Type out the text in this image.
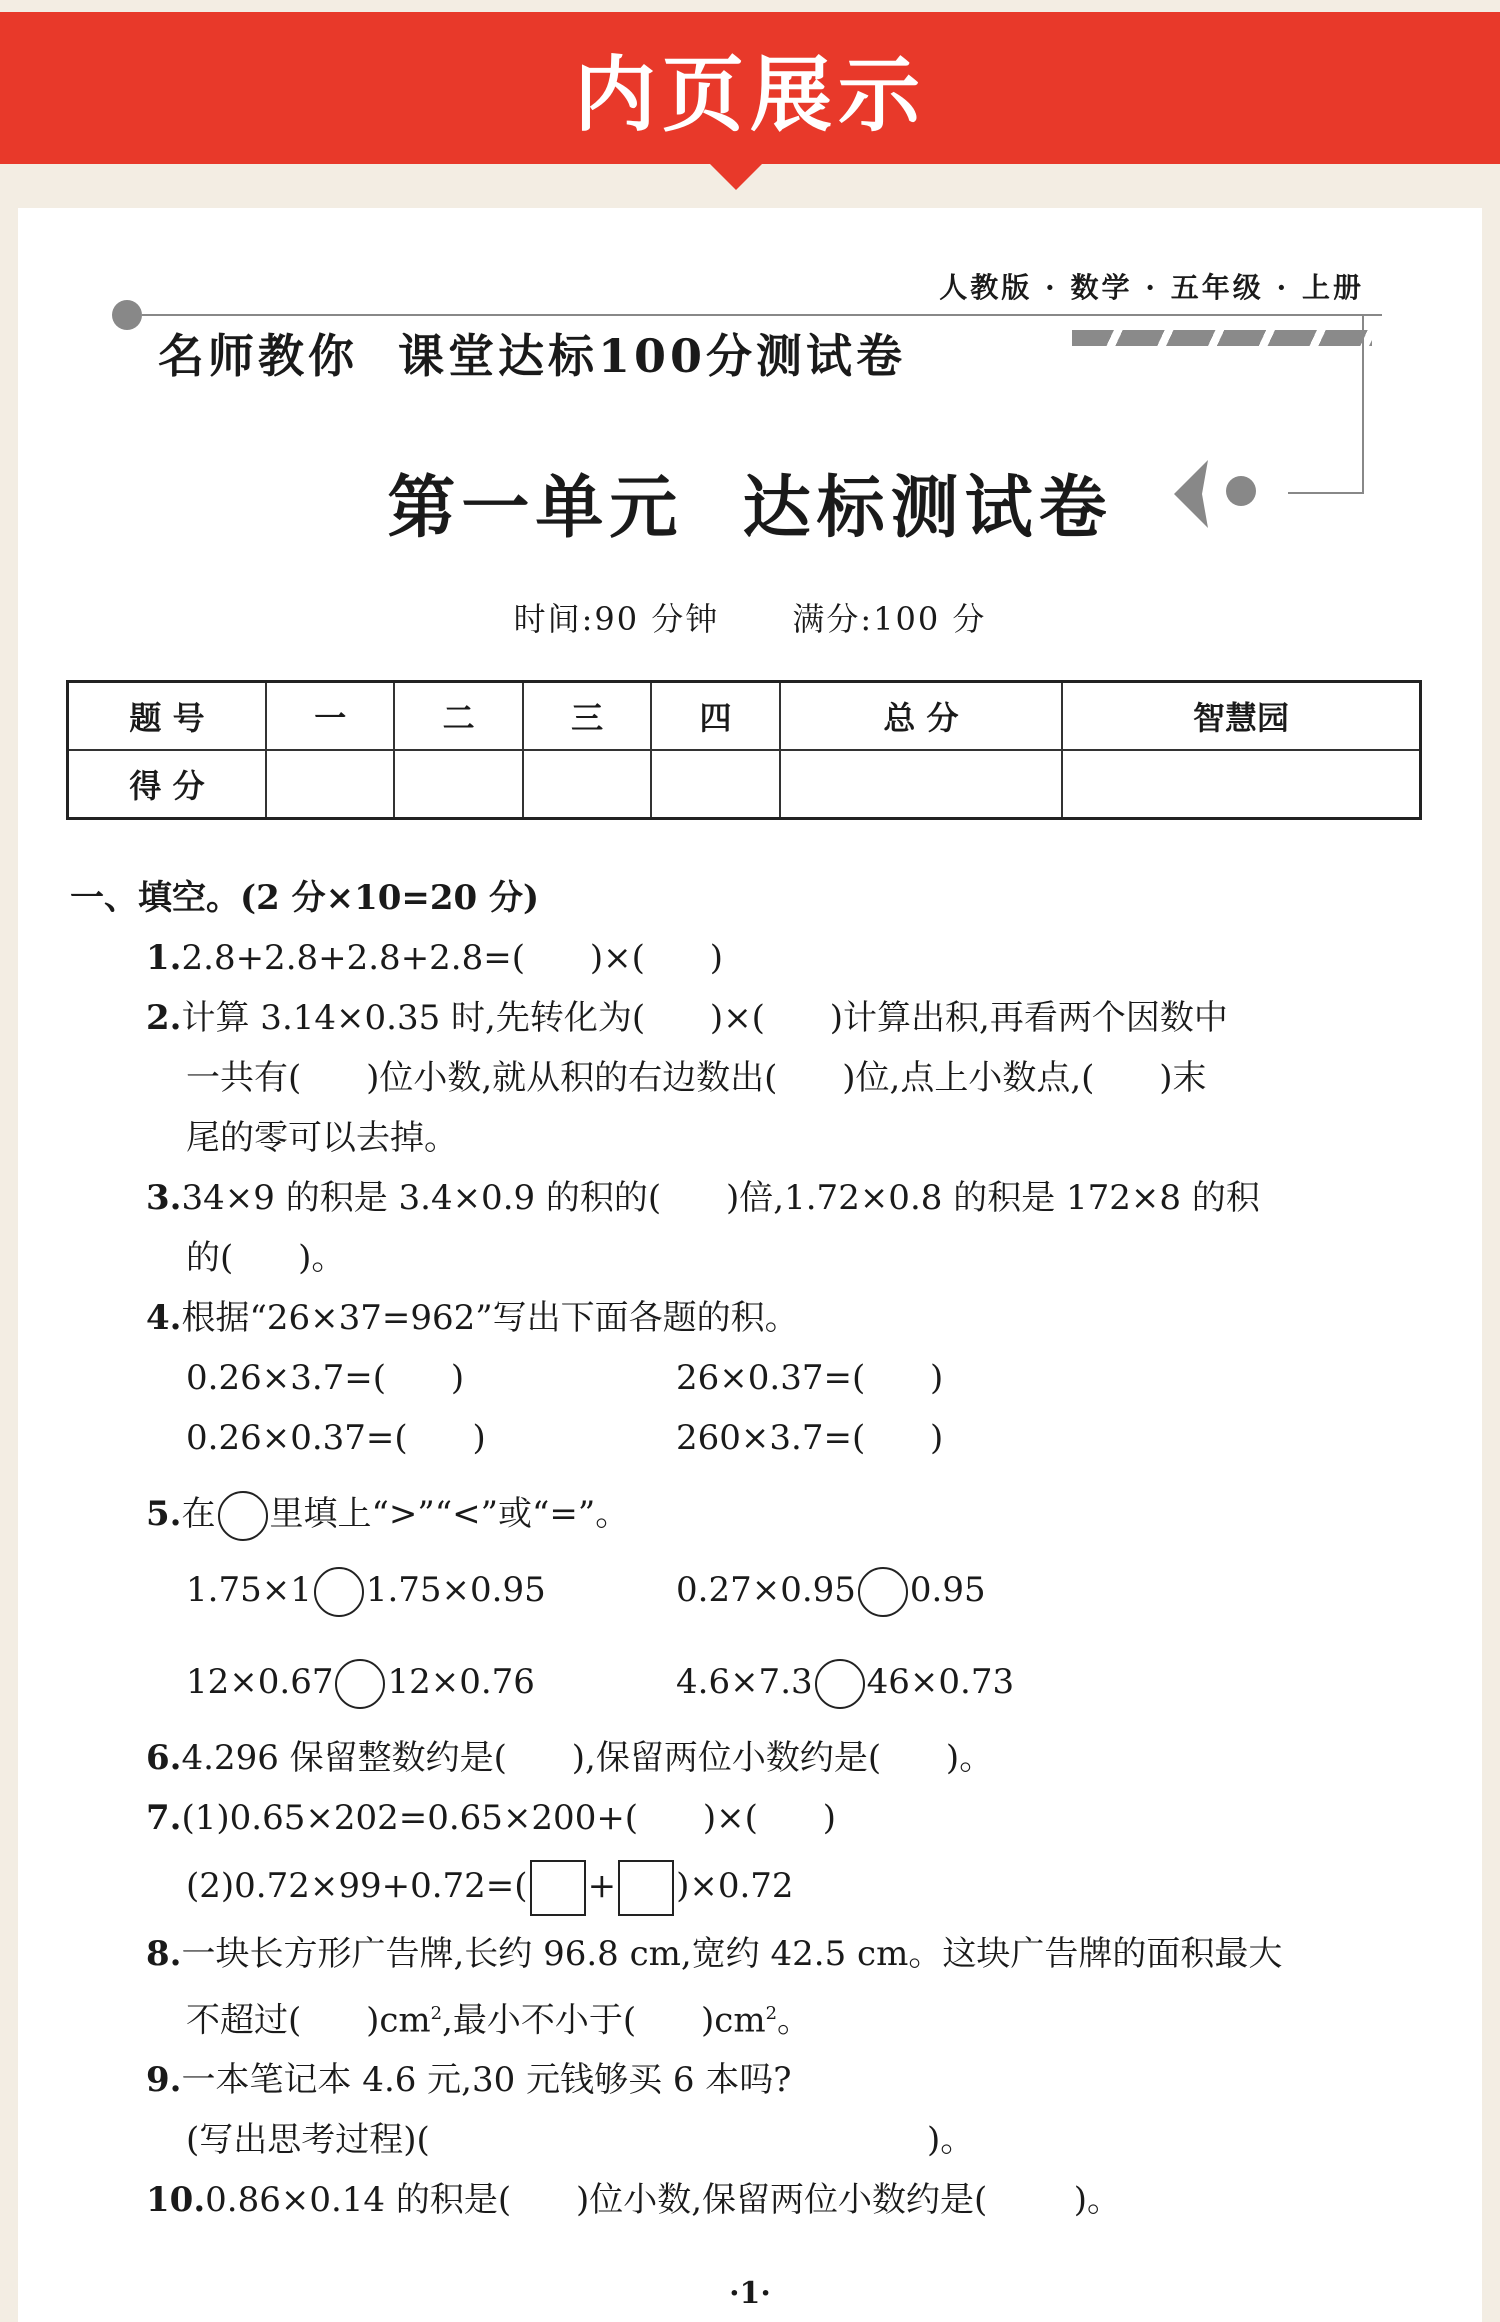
内页展示
人教版 · 数学 · 五年级 · 上册
名师教你  课堂达标100分测试卷
第一单元  达标测试卷
时间:90 分钟      满分:100 分
题 号	一	二	三	四	总 分	智慧园
得 分						
一、填空。(2 分×10=20 分)
1.2.8+2.8+2.8+2.8=(      )×(      )
2.计算 3.14×0.35 时,先转化为(      )×(      )计算出积,再看两个因数中
一共有(      )位小数,就从积的右边数出(      )位,点上小数点,(      )末
尾的零可以去掉。
3.34×9 的积是 3.4×0.9 的积的(      )倍,1.72×0.8 的积是 172×8 的积
的(      )。
4.根据“26×37=962”写出下面各题的积。
0.26×3.7=(      )	26×0.37=(      )
0.26×0.37=(      )	260×3.7=(      )
5.在 里填上“>”“<”或“=”。
1.75×1 1.75×0.95	0.27×0.95 0.95
12×0.67 12×0.76	4.6×7.3 46×0.73
6.4.296 保留整数约是(      ),保留两位小数约是(      )。
7.(1)0.65×202=0.65×200+(      )×(      )
(2)0.72×99+0.72=( + )×0.72
8.一块长方形广告牌,长约 96.8 cm,宽约 42.5 cm。这块广告牌的面积最大
不超过(      )$cm^2$,最小不小于(      )$cm^2$。
9.一本笔记本 4.6 元,30 元钱够买 6 本吗?
(写出思考过程)(                                              )。
10.0.86×0.14 的积是(      )位小数,保留两位小数约是(        )。
·1·
